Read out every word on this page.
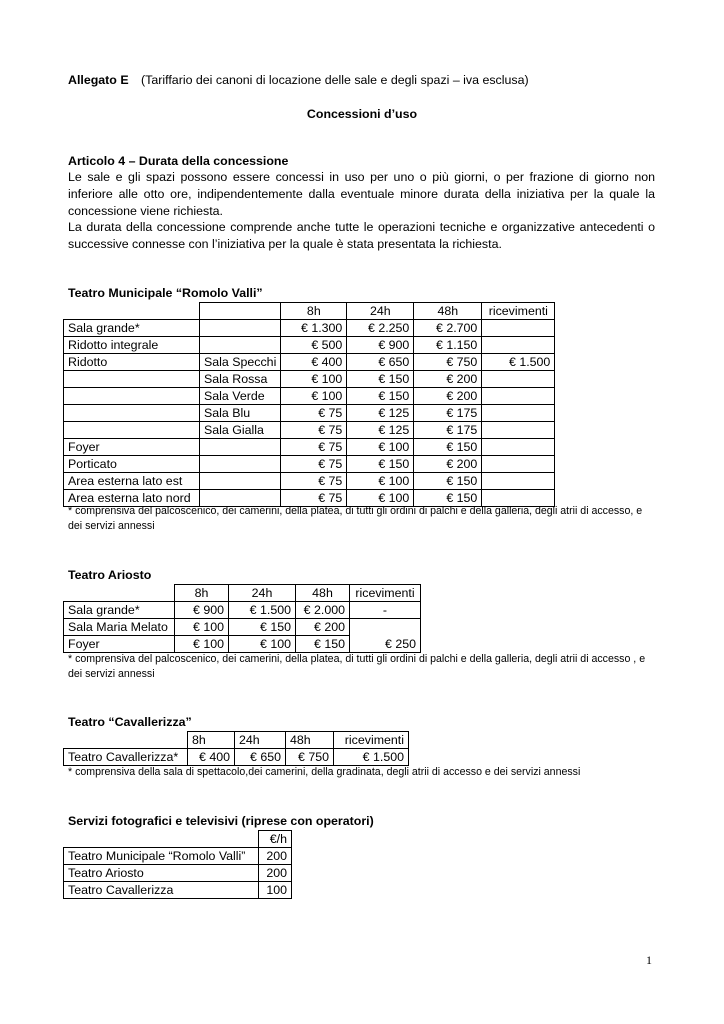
Allegato E (Tariffario dei canoni di locazione delle sale e degli spazi – iva esclusa)
Concessioni d’uso
Articolo 4 – Durata della concessione
Le sale e gli spazi possono essere concessi in uso per uno o più giorni, o per frazione di giorno non inferiore alle otto ore, indipendentemente dalla eventuale minore durata della iniziativa per la quale la concessione viene richiesta.
La durata della concessione comprende anche tutte le operazioni tecniche e organizzative antecedenti o successive connesse con l’iniziativa per la quale è stata presentata la richiesta.
Teatro Municipale “Romolo Valli”
		8h	24h	48h	ricevimenti
Sala grande*		€ 1.300	€ 2.250	€ 2.700	
Ridotto integrale		€ 500	€ 900	€ 1.150	
Ridotto	Sala Specchi	€ 400	€ 650	€ 750	€ 1.500
	Sala Rossa	€ 100	€ 150	€ 200	
	Sala Verde	€ 100	€ 150	€ 200	
	Sala Blu	€ 75	€ 125	€ 175	
	Sala Gialla	€ 75	€ 125	€ 175	
Foyer		€ 75	€ 100	€ 150	
Porticato		€ 75	€ 150	€ 200	
Area esterna lato est		€ 75	€ 100	€ 150	
Area esterna lato nord		€ 75	€ 100	€ 150	
* comprensiva del palcoscenico, dei camerini, della platea, di tutti gli ordini di palchi e della galleria, degli atrii di accesso, e dei servizi annessi
Teatro Ariosto
	8h	24h	48h	ricevimenti
Sala grande*	€ 900	€ 1.500	€ 2.000	-
Sala Maria Melato	€ 100	€ 150	€ 200	€ 250
Foyer	€ 100	€ 100	€ 150	
* comprensiva del palcoscenico, dei camerini, della platea, di tutti gli ordini di palchi e della galleria, degli atrii di accesso , e dei servizi annessi
Teatro “Cavallerizza”
	8h	24h	48h	ricevimenti
Teatro Cavallerizza*	€ 400	€ 650	€ 750	€ 1.500
* comprensiva della sala di spettacolo,dei camerini, della gradinata, degli atrii di accesso e dei servizi annessi
Servizi fotografici e televisivi (riprese con operatori)
	€/h
Teatro Municipale “Romolo Valli”	200
Teatro Ariosto	200
Teatro Cavallerizza	100
1
